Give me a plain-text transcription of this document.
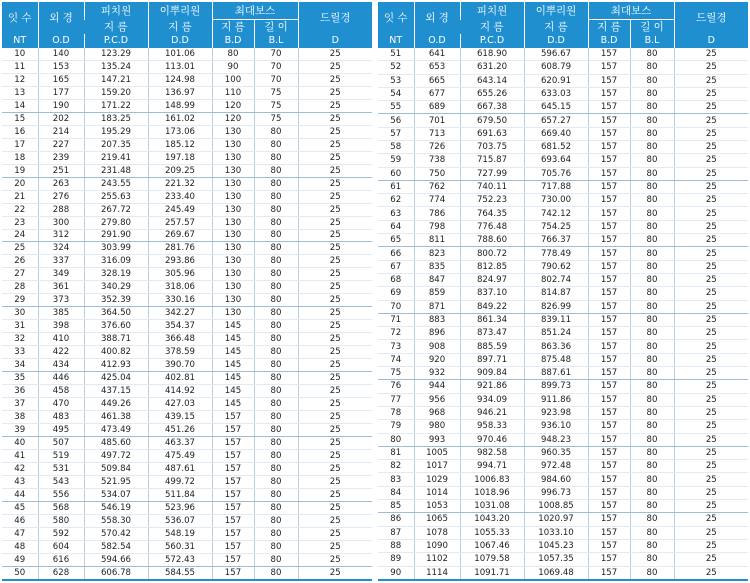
잇 수	외 경	피치원	이뿌리원	최대보스		드릴경
		지 름	지 름	지 름	길 이	
NT	O.D	P.C.D	D.D	B.D	B.L	D
10	140	123.29	101.06	80	70	25
11	153	135.24	113.01	90	70	25
12	165	147.21	124.98	100	70	25
13	177	159.20	136.97	110	75	25
14	190	171.22	148.99	120	75	25
15	202	183.25	161.02	120	75	25
16	214	195.29	173.06	130	80	25
17	227	207.35	185.12	130	80	25
18	239	219.41	197.18	130	80	25
19	251	231.48	209.25	130	80	25
20	263	243.55	221.32	130	80	25
21	276	255.63	233.40	130	80	25
22	288	267.72	245.49	130	80	25
23	300	279.80	257.57	130	80	25
24	312	291.90	269.67	130	80	25
25	324	303.99	281.76	130	80	25
26	337	316.09	293.86	130	80	25
27	349	328.19	305.96	130	80	25
28	361	340.29	318.06	130	80	25
29	373	352.39	330.16	130	80	25
30	385	364.50	342.27	130	80	25
31	398	376.60	354.37	145	80	25
32	410	388.71	366.48	145	80	25
33	422	400.82	378.59	145	80	25
34	434	412.93	390.70	145	80	25
35	446	425.04	402.81	145	80	25
36	458	437.15	414.92	145	80	25
37	470	449.26	427.03	145	80	25
38	483	461.38	439.15	157	80	25
39	495	473.49	451.26	157	80	25
40	507	485.60	463.37	157	80	25
41	519	497.72	475.49	157	80	25
42	531	509.84	487.61	157	80	25
43	543	521.95	499.72	157	80	25
44	556	534.07	511.84	157	80	25
45	568	546.19	523.96	157	80	25
46	580	558.30	536.07	157	80	25
47	592	570.42	548.19	157	80	25
48	604	582.54	560.31	157	80	25
49	616	594.66	572.43	157	80	25
50	628	606.78	584.55	157	80	25
잇 수	외 경	피치원	이뿌리원	최대보스		드릴경
		지 름	지 름	지 름	길 이	
NT	O.D	P.C.D	D.D	B.D	B.L	D
51	641	618.90	596.67	157	80	25
52	653	631.20	608.79	157	80	25
53	665	643.14	620.91	157	80	25
54	677	655.26	633.03	157	80	25
55	689	667.38	645.15	157	80	25
56	701	679.50	657.27	157	80	25
57	713	691.63	669.40	157	80	25
58	726	703.75	681.52	157	80	25
59	738	715.87	693.64	157	80	25
60	750	727.99	705.76	157	80	25
61	762	740.11	717.88	157	80	25
62	774	752.23	730.00	157	80	25
63	786	764.35	742.12	157	80	25
64	798	776.48	754.25	157	80	25
65	811	788.60	766.37	157	80	25
66	823	800.72	778.49	157	80	25
67	835	812.85	790.62	157	80	25
68	847	824.97	802.74	157	80	25
69	859	837.10	814.87	157	80	25
70	871	849.22	826.99	157	80	25
71	883	861.34	839.11	157	80	25
72	896	873.47	851.24	157	80	25
73	908	885.59	863.36	157	80	25
74	920	897.71	875.48	157	80	25
75	932	909.84	887.61	157	80	25
76	944	921.86	899.73	157	80	25
77	956	934.09	911.86	157	80	25
78	968	946.21	923.98	157	80	25
79	980	958.33	936.10	157	80	25
80	993	970.46	948.23	157	80	25
81	1005	982.58	960.35	157	80	25
82	1017	994.71	972.48	157	80	25
83	1029	1006.83	984.60	157	80	25
84	1014	1018.96	996.73	157	80	25
85	1053	1031.08	1008.85	157	80	25
86	1065	1043.20	1020.97	157	80	25
87	1078	1055.33	1033.10	157	80	25
88	1090	1067.46	1045.23	157	80	25
89	1102	1079.58	1057.35	157	80	25
90	1114	1091.71	1069.48	157	80	25
